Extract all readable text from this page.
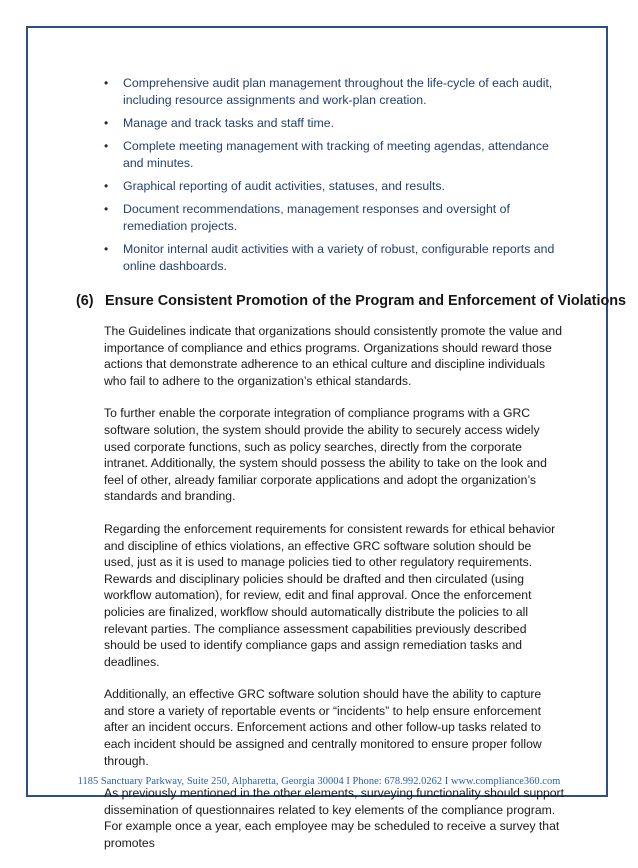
• Comprehensive audit plan management throughout the life-cycle of each audit, including resource assignments and work-plan creation.
• Manage and track tasks and staff time.
• Complete meeting management with tracking of meeting agendas, attendance and minutes.
• Graphical reporting of audit activities, statuses, and results.
• Document recommendations, management responses and oversight of remediation projects.
• Monitor internal audit activities with a variety of robust, configurable reports and online dashboards.
(6) Ensure Consistent Promotion of the Program and Enforcement of Violations

The Guidelines indicate that organizations should consistently promote the value and importance of compliance and ethics programs. Organizations should reward those actions that demonstrate adherence to an ethical culture and discipline individuals who fail to adhere to the organization’s ethical standards.

To further enable the corporate integration of compliance programs with a GRC software solution, the system should provide the ability to securely access widely used corporate functions, such as policy searches, directly from the corporate intranet. Additionally, the system should possess the ability to take on the look and feel of other, already familiar corporate applications and adopt the organization’s standards and branding.

Regarding the enforcement requirements for consistent rewards for ethical behavior and discipline of ethics violations, an effective GRC software solution should be used, just as it is used to manage policies tied to other regulatory requirements. Rewards and disciplinary policies should be drafted and then circulated (using workflow automation), for review, edit and final approval. Once the enforcement policies are finalized, workflow should automatically distribute the policies to all relevant parties. The compliance assessment capabilities previously described should be used to identify compliance gaps and assign remediation tasks and deadlines.

Additionally, an effective GRC software solution should have the ability to capture and store a variety of reportable events or “incidents” to help ensure enforcement after an incident occurs. Enforcement actions and other follow-up tasks related to each incident should be assigned and centrally monitored to ensure proper follow through.

As previously mentioned in the other elements, surveying functionality should support dissemination of questionnaires related to key elements of the compliance program. For example once a year, each employee may be scheduled to receive a survey that promotes

1185 Sanctuary Parkway, Suite 250, Alpharetta, Georgia 30004 I Phone: 678.992.0262 I www.compliance360.com
